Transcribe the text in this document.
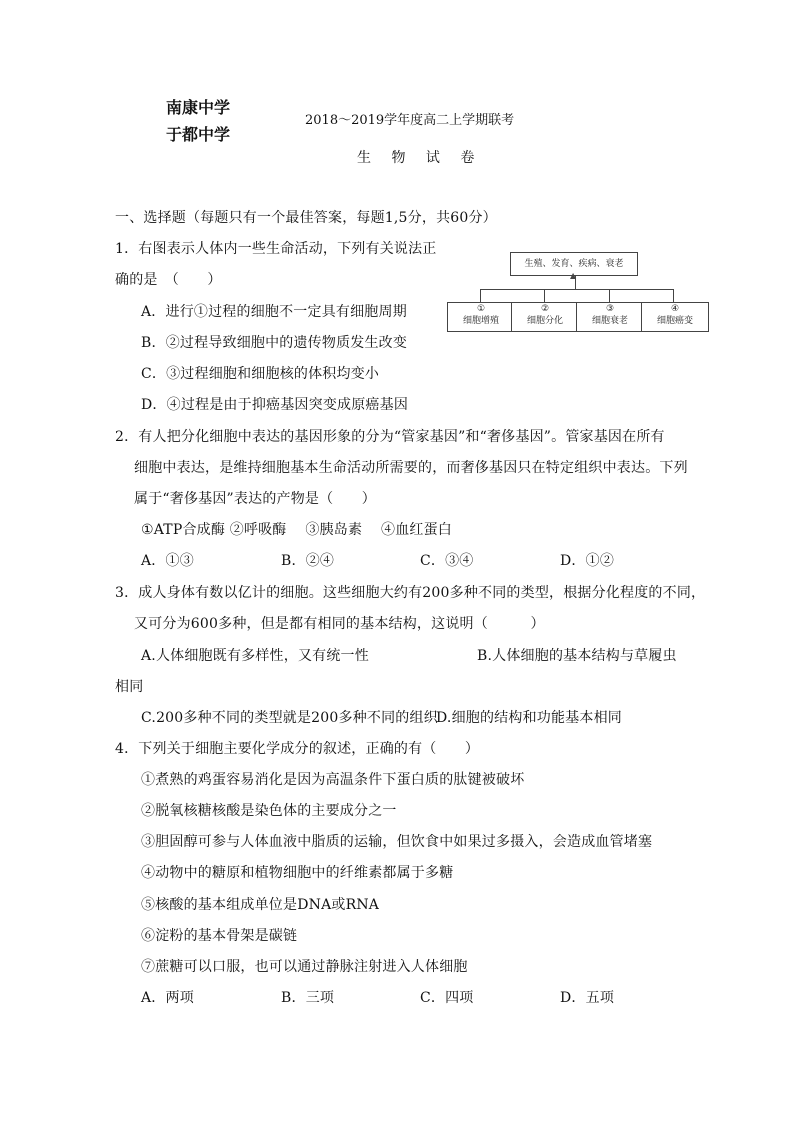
南康中学
于都中学
2018～2019学年度高二上学期联考
生 物 试 卷
一、选择题（每题只有一个最佳答案，每题1,5分，共60分）
1．右图表示人体内一些生命活动，下列有关说法正
确的是　（　　）
A．进行①过程的细胞不一定具有细胞周期
B．②过程导致细胞中的遗传物质发生改变
C．③过程细胞和细胞核的体积均变小
D．④过程是由于抑癌基因突变成原癌基因
生殖、发育、疾病、衰老
▲
①
细胞增殖
②
细胞分化
③
细胞衰老
④
细胞癌变
2．有人把分化细胞中表达的基因形象的分为“管家基因”和“奢侈基因”。管家基因在所有
细胞中表达，是维持细胞基本生命活动所需要的，而奢侈基因只在特定组织中表达。下列
属于“奢侈基因”表达的产物是（　　）
①ATP合成酶 ②呼吸酶　 ③胰岛素　 ④血红蛋白
A．①③	B．②④	C．③④	D．①②
3．成人身体有数以亿计的细胞。这些细胞大约有200多种不同的类型，根据分化程度的不同，
又可分为600多种，但是都有相同的基本结构，这说明（　　　）
A.人体细胞既有多样性，又有统一性	B.人体细胞的基本结构与草履虫
相同
C.200多种不同的类型就是200多种不同的组织
D.细胞的结构和功能基本相同
4．下列关于细胞主要化学成分的叙述，正确的有（　　）
①煮熟的鸡蛋容易消化是因为高温条件下蛋白质的肽键被破坏
②脱氧核糖核酸是染色体的主要成分之一
③胆固醇可参与人体血液中脂质的运输，但饮食中如果过多摄入，会造成血管堵塞
④动物中的糖原和植物细胞中的纤维素都属于多糖
⑤核酸的基本组成单位是DNA或RNA
⑥淀粉的基本骨架是碳链
⑦蔗糖可以口服，也可以通过静脉注射进入人体细胞
A．两项	B．三项	C．四项	D．五项
